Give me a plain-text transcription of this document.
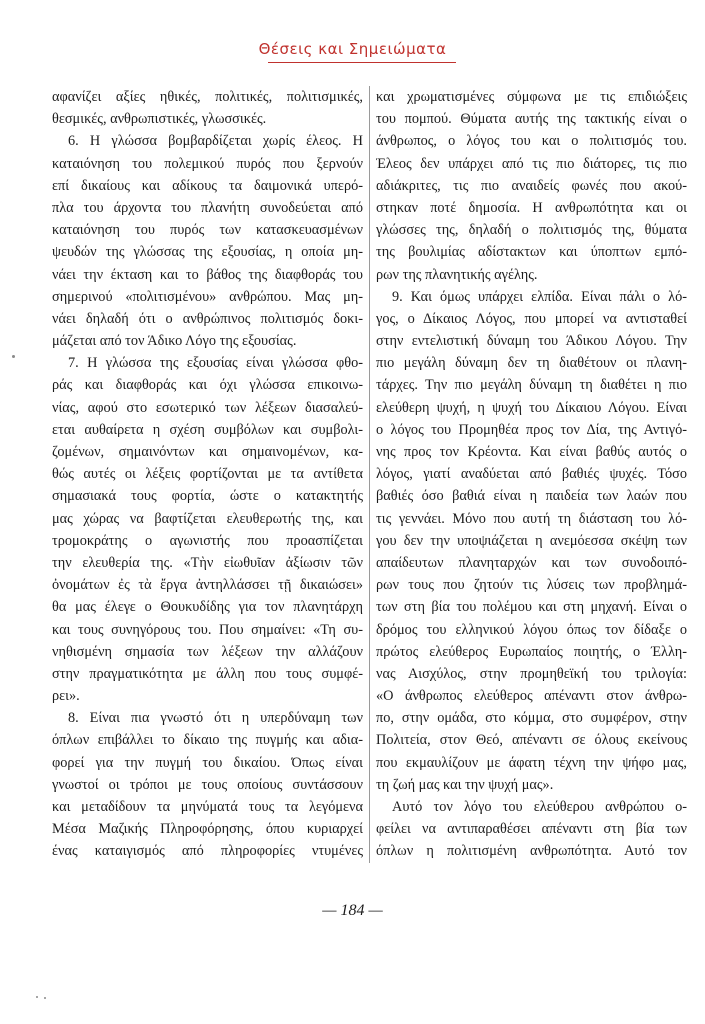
Θέσεις και Σημειώματα
αφανίζει αξίες ηθικές, πολιτικές, πολιτισμικές,
θεσμικές, ανθρωπιστικές, γλωσσικές.
6. Η γλώσσα βομβαρδίζεται χωρίς έλεος. Η
καταιόνηση του πολεμικού πυρός που ξερνούν
επί δικαίους και αδίκους τα δαιμονικά υπερό-
πλα του άρχοντα του πλανήτη συνοδεύεται από
καταιόνηση του πυρός των κατασκευασμένων
ψευδών της γλώσσας της εξουσίας, η οποία μη-
νάει την έκταση και το βάθος της διαφθοράς του
σημερινού «πολιτισμένου» ανθρώπου. Μας μη-
νάει δηλαδή ότι ο ανθρώπινος πολιτισμός δοκι-
μάζεται από τον Άδικο Λόγο της εξουσίας.
7. Η γλώσσα της εξουσίας είναι γλώσσα φθο-
ράς και διαφθοράς και όχι γλώσσα επικοινω-
νίας, αφού στο εσωτερικό των λέξεων διασαλεύ-
εται αυθαίρετα η σχέση συμβόλων και συμβολι-
ζομένων, σημαινόντων και σημαινομένων, κα-
θώς αυτές οι λέξεις φορτίζονται με τα αντίθετα
σημασιακά τους φορτία, ώστε ο κατακτητής
μας χώρας να βαφτίζεται ελευθερωτής της, και
τρομοκράτης ο αγωνιστής που προασπίζεται
την ελευθερία της. «Τὴν εἰωθυῖαν ἀξίωσιν τῶν
ὀνομάτων ἐς τὰ ἔργα ἀντηλλάσσει τῇ δικαιώσει»
θα μας έλεγε ο Θουκυδίδης για τον πλανητάρχη
και τους συνηγόρους του. Που σημαίνει: «Τη συ-
νηθισμένη σημασία των λέξεων την αλλάζουν
στην πραγματικότητα με άλλη που τους συμφέ-
ρει».
8. Είναι πια γνωστό ότι η υπερδύναμη των
όπλων επιβάλλει το δίκαιο της πυγμής και αδια-
φορεί για την πυγμή του δικαίου. Όπως είναι
γνωστοί οι τρόποι με τους οποίους συντάσσουν
και μεταδίδουν τα μηνύματά τους τα λεγόμενα
Μέσα Μαζικής Πληροφόρησης, όπου κυριαρχεί
ένας καταιγισμός από πληροφορίες ντυμένες
και χρωματισμένες σύμφωνα με τις επιδιώξεις
του πομπού. Θύματα αυτής της τακτικής είναι ο
άνθρωπος, ο λόγος του και ο πολιτισμός του.
Έλεος δεν υπάρχει από τις πιο διάτορες, τις πιο
αδιάκριτες, τις πιο αναιδείς φωνές που ακού-
στηκαν ποτέ δημοσία. Η ανθρωπότητα και οι
γλώσσες της, δηλαδή ο πολιτισμός της, θύματα
της βουλιμίας αδίστακτων και ύποπτων εμπό-
ρων της πλανητικής αγέλης.
9. Και όμως υπάρχει ελπίδα. Είναι πάλι ο λό-
γος, ο Δίκαιος Λόγος, που μπορεί να αντισταθεί
στην εντελιστική δύναμη του Άδικου Λόγου. Την
πιο μεγάλη δύναμη δεν τη διαθέτουν οι πλανη-
τάρχες. Την πιο μεγάλη δύναμη τη διαθέτει η πιο
ελεύθερη ψυχή, η ψυχή του Δίκαιου Λόγου. Είναι
ο λόγος του Προμηθέα προς τον Δία, της Αντιγό-
νης προς τον Κρέοντα. Και είναι βαθύς αυτός ο
λόγος, γιατί αναδύεται από βαθιές ψυχές. Τόσο
βαθιές όσο βαθιά είναι η παιδεία των λαών που
τις γεννάει. Μόνο που αυτή τη διάσταση του λό-
γου δεν την υποψιάζεται η ανεμόεσσα σκέψη των
απαίδευτων πλανηταρχών και των συνοδοιπό-
ρων τους που ζητούν τις λύσεις των προβλημά-
των στη βία του πολέμου και στη μηχανή. Είναι ο
δρόμος του ελληνικού λόγου όπως τον δίδαξε ο
πρώτος ελεύθερος Ευρωπαίος ποιητής, ο Έλλη-
νας Αισχύλος, στην προμηθεϊκή του τριλογία:
«Ο άνθρωπος ελεύθερος απέναντι στον άνθρω-
πο, στην ομάδα, στο κόμμα, στο συμφέρον, στην
Πολιτεία, στον Θεό, απέναντι σε όλους εκείνους
που εκμαυλίζουν με άφατη τέχνη την ψήφο μας,
τη ζωή μας και την ψυχή μας».
Αυτό τον λόγο του ελεύθερου ανθρώπου ο-
φείλει να αντιπαραθέσει απέναντι στη βία των
όπλων η πολιτισμένη ανθρωπότητα. Αυτό τον
— 184 —
